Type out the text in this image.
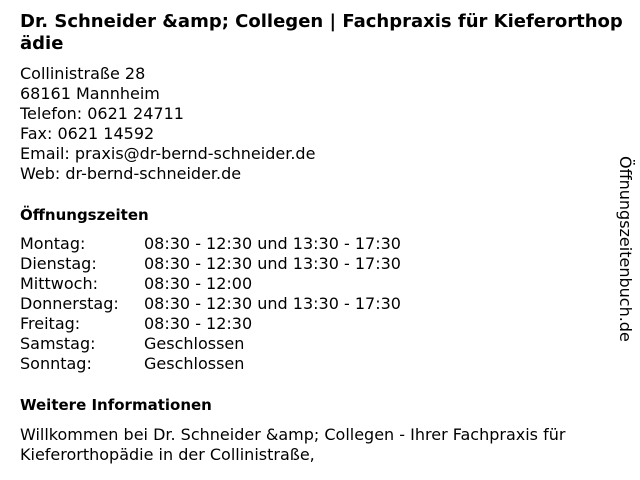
Dr. Schneider &amp; Collegen | Fachpraxis für Kieferorthopädie
Collinistraße 28
68161 Mannheim
Telefon: 0621 24711
Fax: 0621 14592
Email: praxis@dr-bernd-schneider.de
Web: dr-bernd-schneider.de
Öffnungszeiten
Montag:	08:30 - 12:30 und 13:30 - 17:30
Dienstag:	08:30 - 12:30 und 13:30 - 17:30
Mittwoch:	08:30 - 12:00
Donnerstag:	08:30 - 12:30 und 13:30 - 17:30
Freitag:	08:30 - 12:30
Samstag:	Geschlossen
Sonntag:	Geschlossen
Weitere Informationen

Willkommen bei Dr. Schneider &amp; Collegen - Ihrer Fachpraxis für Kieferorthopädie in der Collinistraße,

Öffnungszeitenbuch.de
